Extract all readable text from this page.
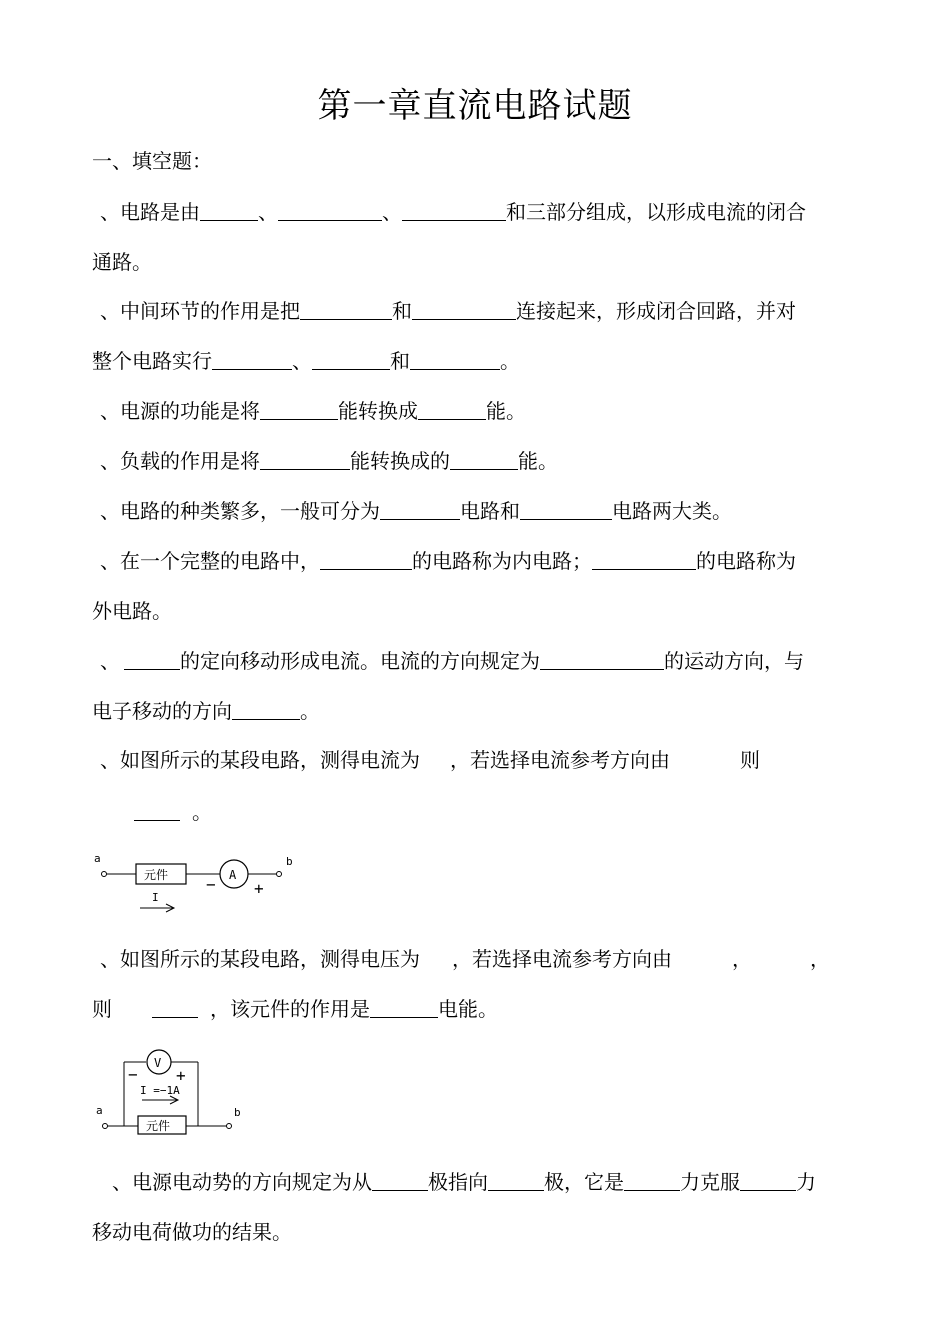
第一章直流电路试题
一、填空题：
、电路是由	、	、	和三部分组成，以形成电流的闭合
通路。
、中间环节的作用是把	和	连接起来，形成闭合回路，并对
整个电路实行	、	和	。
、电源的功能是将	能转换成	能。
、负载的作用是将	能转换成的	能。
、电路的种类繁多，一般可分为	电路和	电路两大类。
、在一个完整的电路中，	的电路称为内电路；	的电路称为
外电路。
、	的定向移动形成电流。电流的方向规定为	的运动方向，与
电子移动的方向	。
、如图所示的某段电路，测得电流为 ，若选择电流参考方向由	则
。
a
元件	A
b
− +
I
、如图所示的某段电路，测得电压为 ，若选择电流参考方向由	，	，
则	，该元件的作用是	电能。
V
− +
I =−1A
a
元件
b
、电源电动势的方向规定为从	极指向	极，它是	力克服	力
移动电荷做功的结果。
